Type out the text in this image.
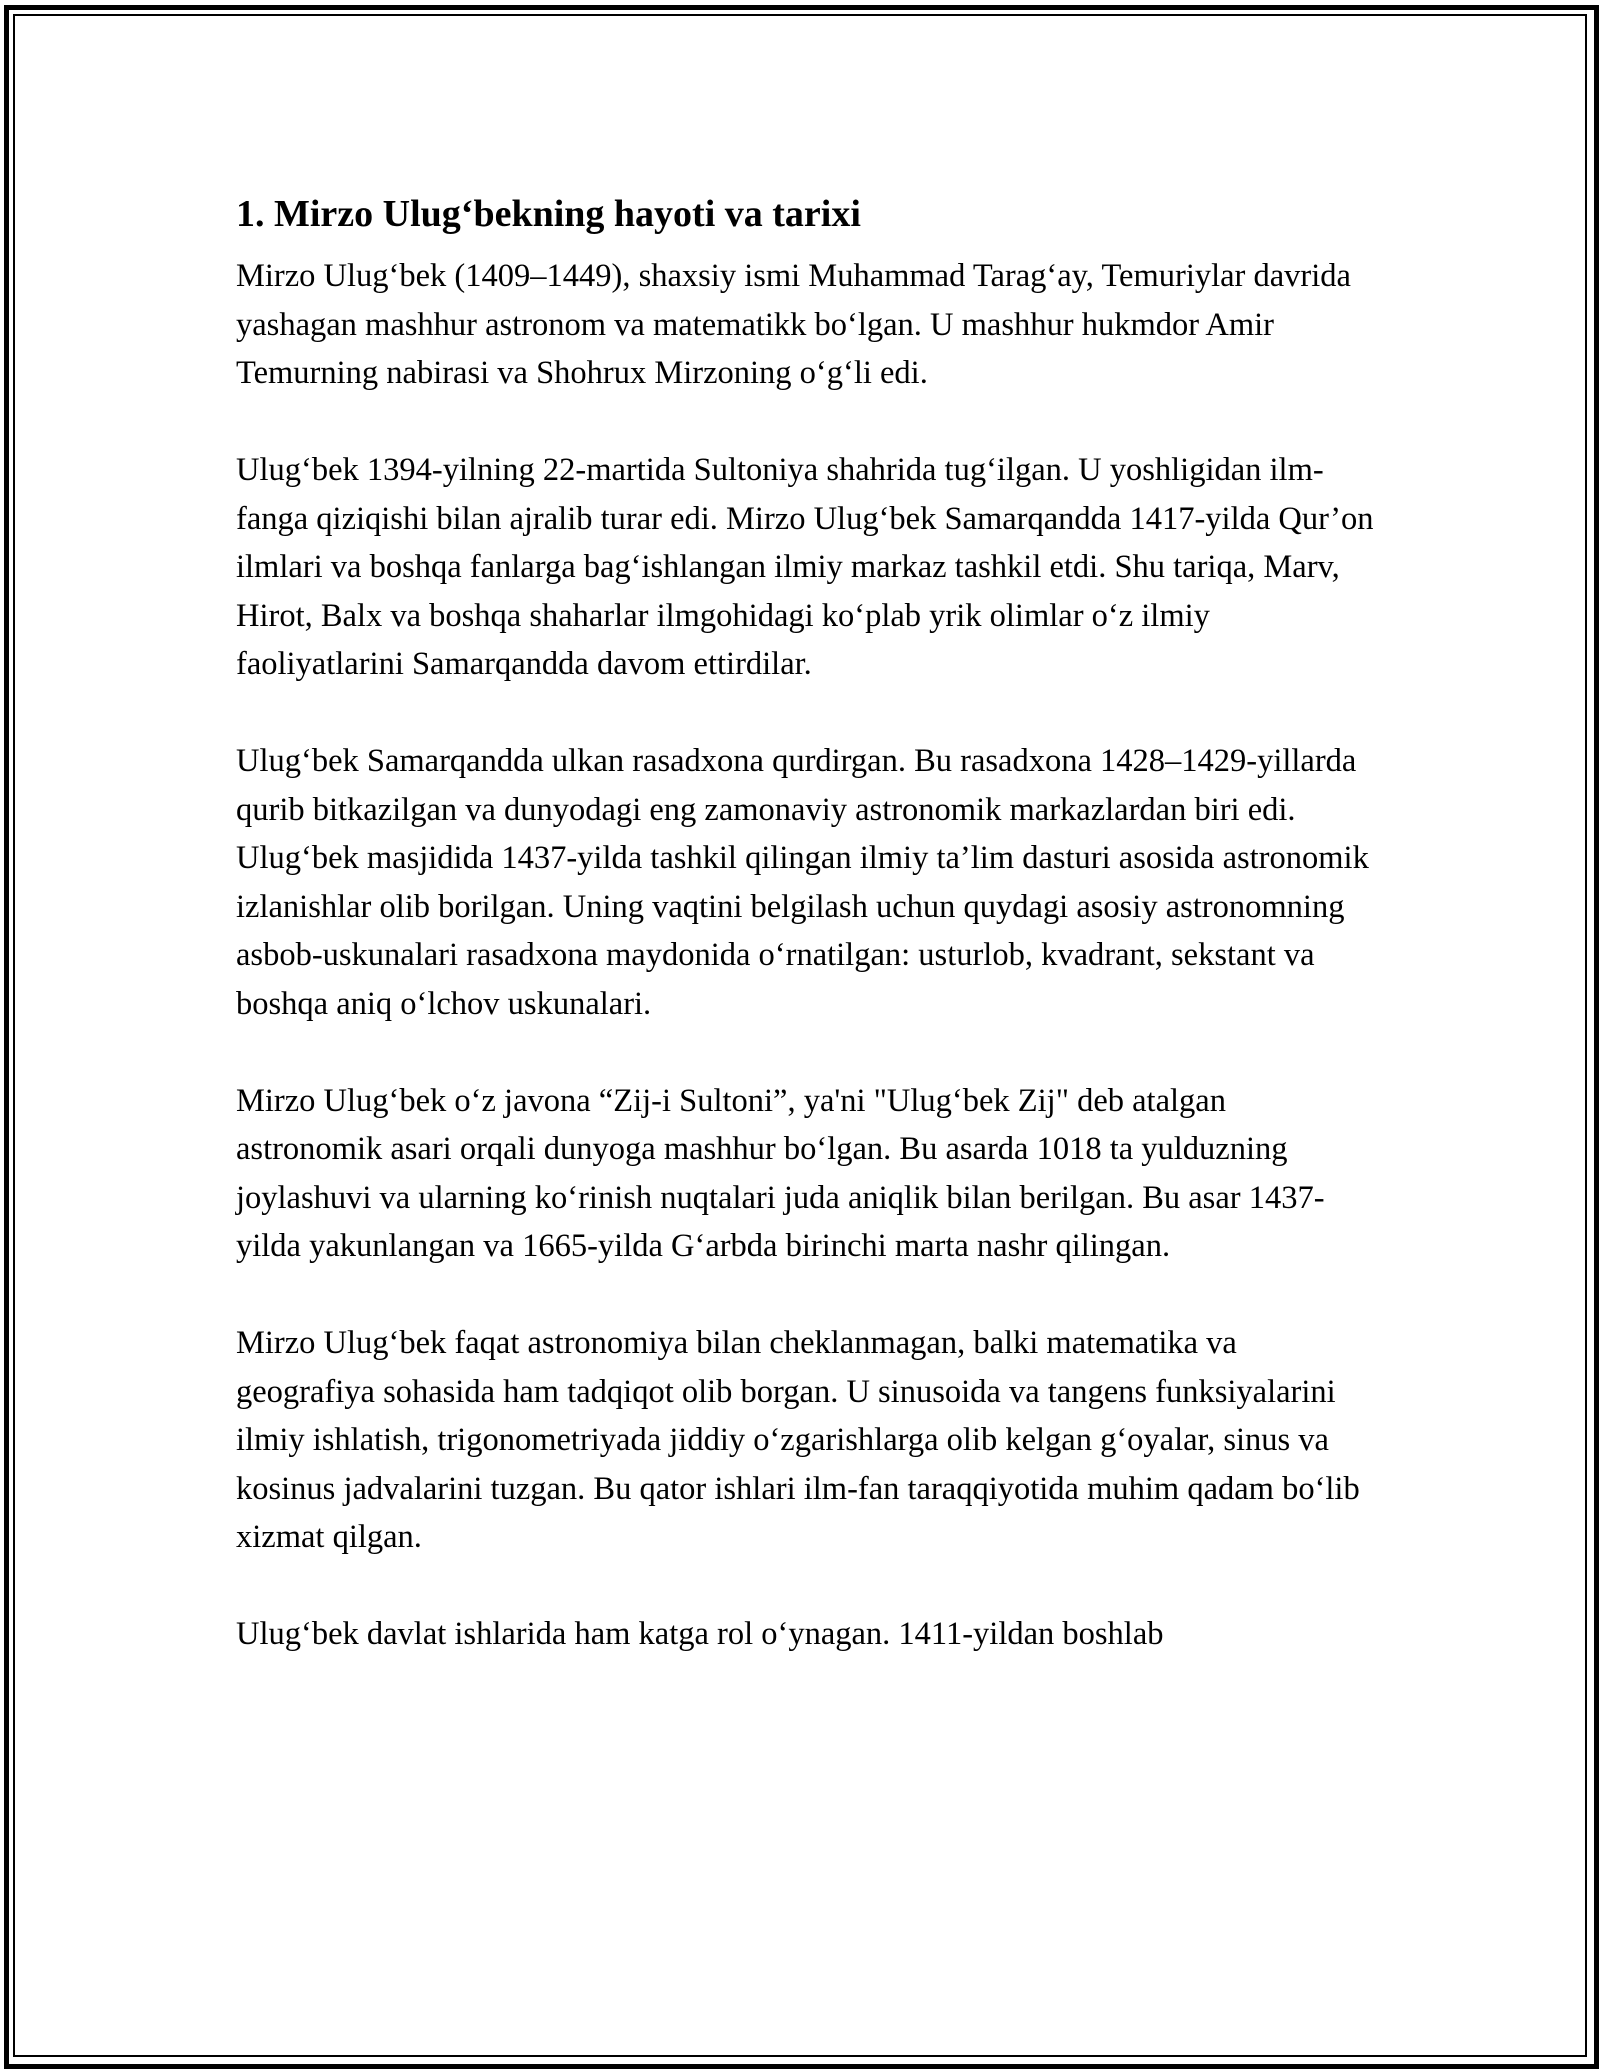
1. Mirzo Ulug‘bekning hayoti va tarixi

Mirzo Ulug‘bek (1409–1449), shaxsiy ismi Muhammad Tarag‘ay, Temuriylar davrida yashagan mashhur astronom va matematikk bo‘lgan. U mashhur hukmdor Amir Temurning nabirasi va Shohrux Mirzoning o‘g‘li edi.

Ulug‘bek 1394-yilning 22-martida Sultoniya shahrida tug‘ilgan. U yoshligidan ilm-fanga qiziqishi bilan ajralib turar edi. Mirzo Ulug‘bek Samarqandda 1417-yilda Qur’on ilmlari va boshqa fanlarga bag‘ishlangan ilmiy markaz tashkil etdi. Shu tariqa, Marv, Hirot, Balx va boshqa shaharlar ilmgohidagi ko‘plab yrik olimlar o‘z ilmiy faoliyatlarini Samarqandda davom ettirdilar.

Ulug‘bek Samarqandda ulkan rasadxona qurdirgan. Bu rasadxona 1428–1429-yillarda qurib bitkazilgan va dunyodagi eng zamonaviy astronomik markazlardan biri edi. Ulug‘bek masjidida 1437-yilda tashkil qilingan ilmiy ta’lim dasturi asosida astronomik izlanishlar olib borilgan. Uning vaqtini belgilash uchun quydagi asosiy astronomning asbob-uskunalari rasadxona maydonida o‘rnatilgan: usturlob, kvadrant, sekstant va boshqa aniq o‘lchov uskunalari.

Mirzo Ulug‘bek o‘z javona “Zij-i Sultoni”, ya'ni "Ulug‘bek Zij" deb atalgan astronomik asari orqali dunyoga mashhur bo‘lgan. Bu asarda 1018 ta yulduzning joylashuvi va ularning ko‘rinish nuqtalari juda aniqlik bilan berilgan. Bu asar 1437-yilda yakunlangan va 1665-yilda G‘arbda birinchi marta nashr qilingan.

Mirzo Ulug‘bek faqat astronomiya bilan cheklanmagan, balki matematika va geografiya sohasida ham tadqiqot olib borgan. U sinusoida va tangens funksiyalarini ilmiy ishlatish, trigonometriyada jiddiy o‘zgarishlarga olib kelgan g‘oyalar, sinus va kosinus jadvalarini tuzgan. Bu qator ishlari ilm-fan taraqqiyotida muhim qadam bo‘lib xizmat qilgan.

Ulug‘bek davlat ishlarida ham katga rol o‘ynagan. 1411-yildan boshlab
